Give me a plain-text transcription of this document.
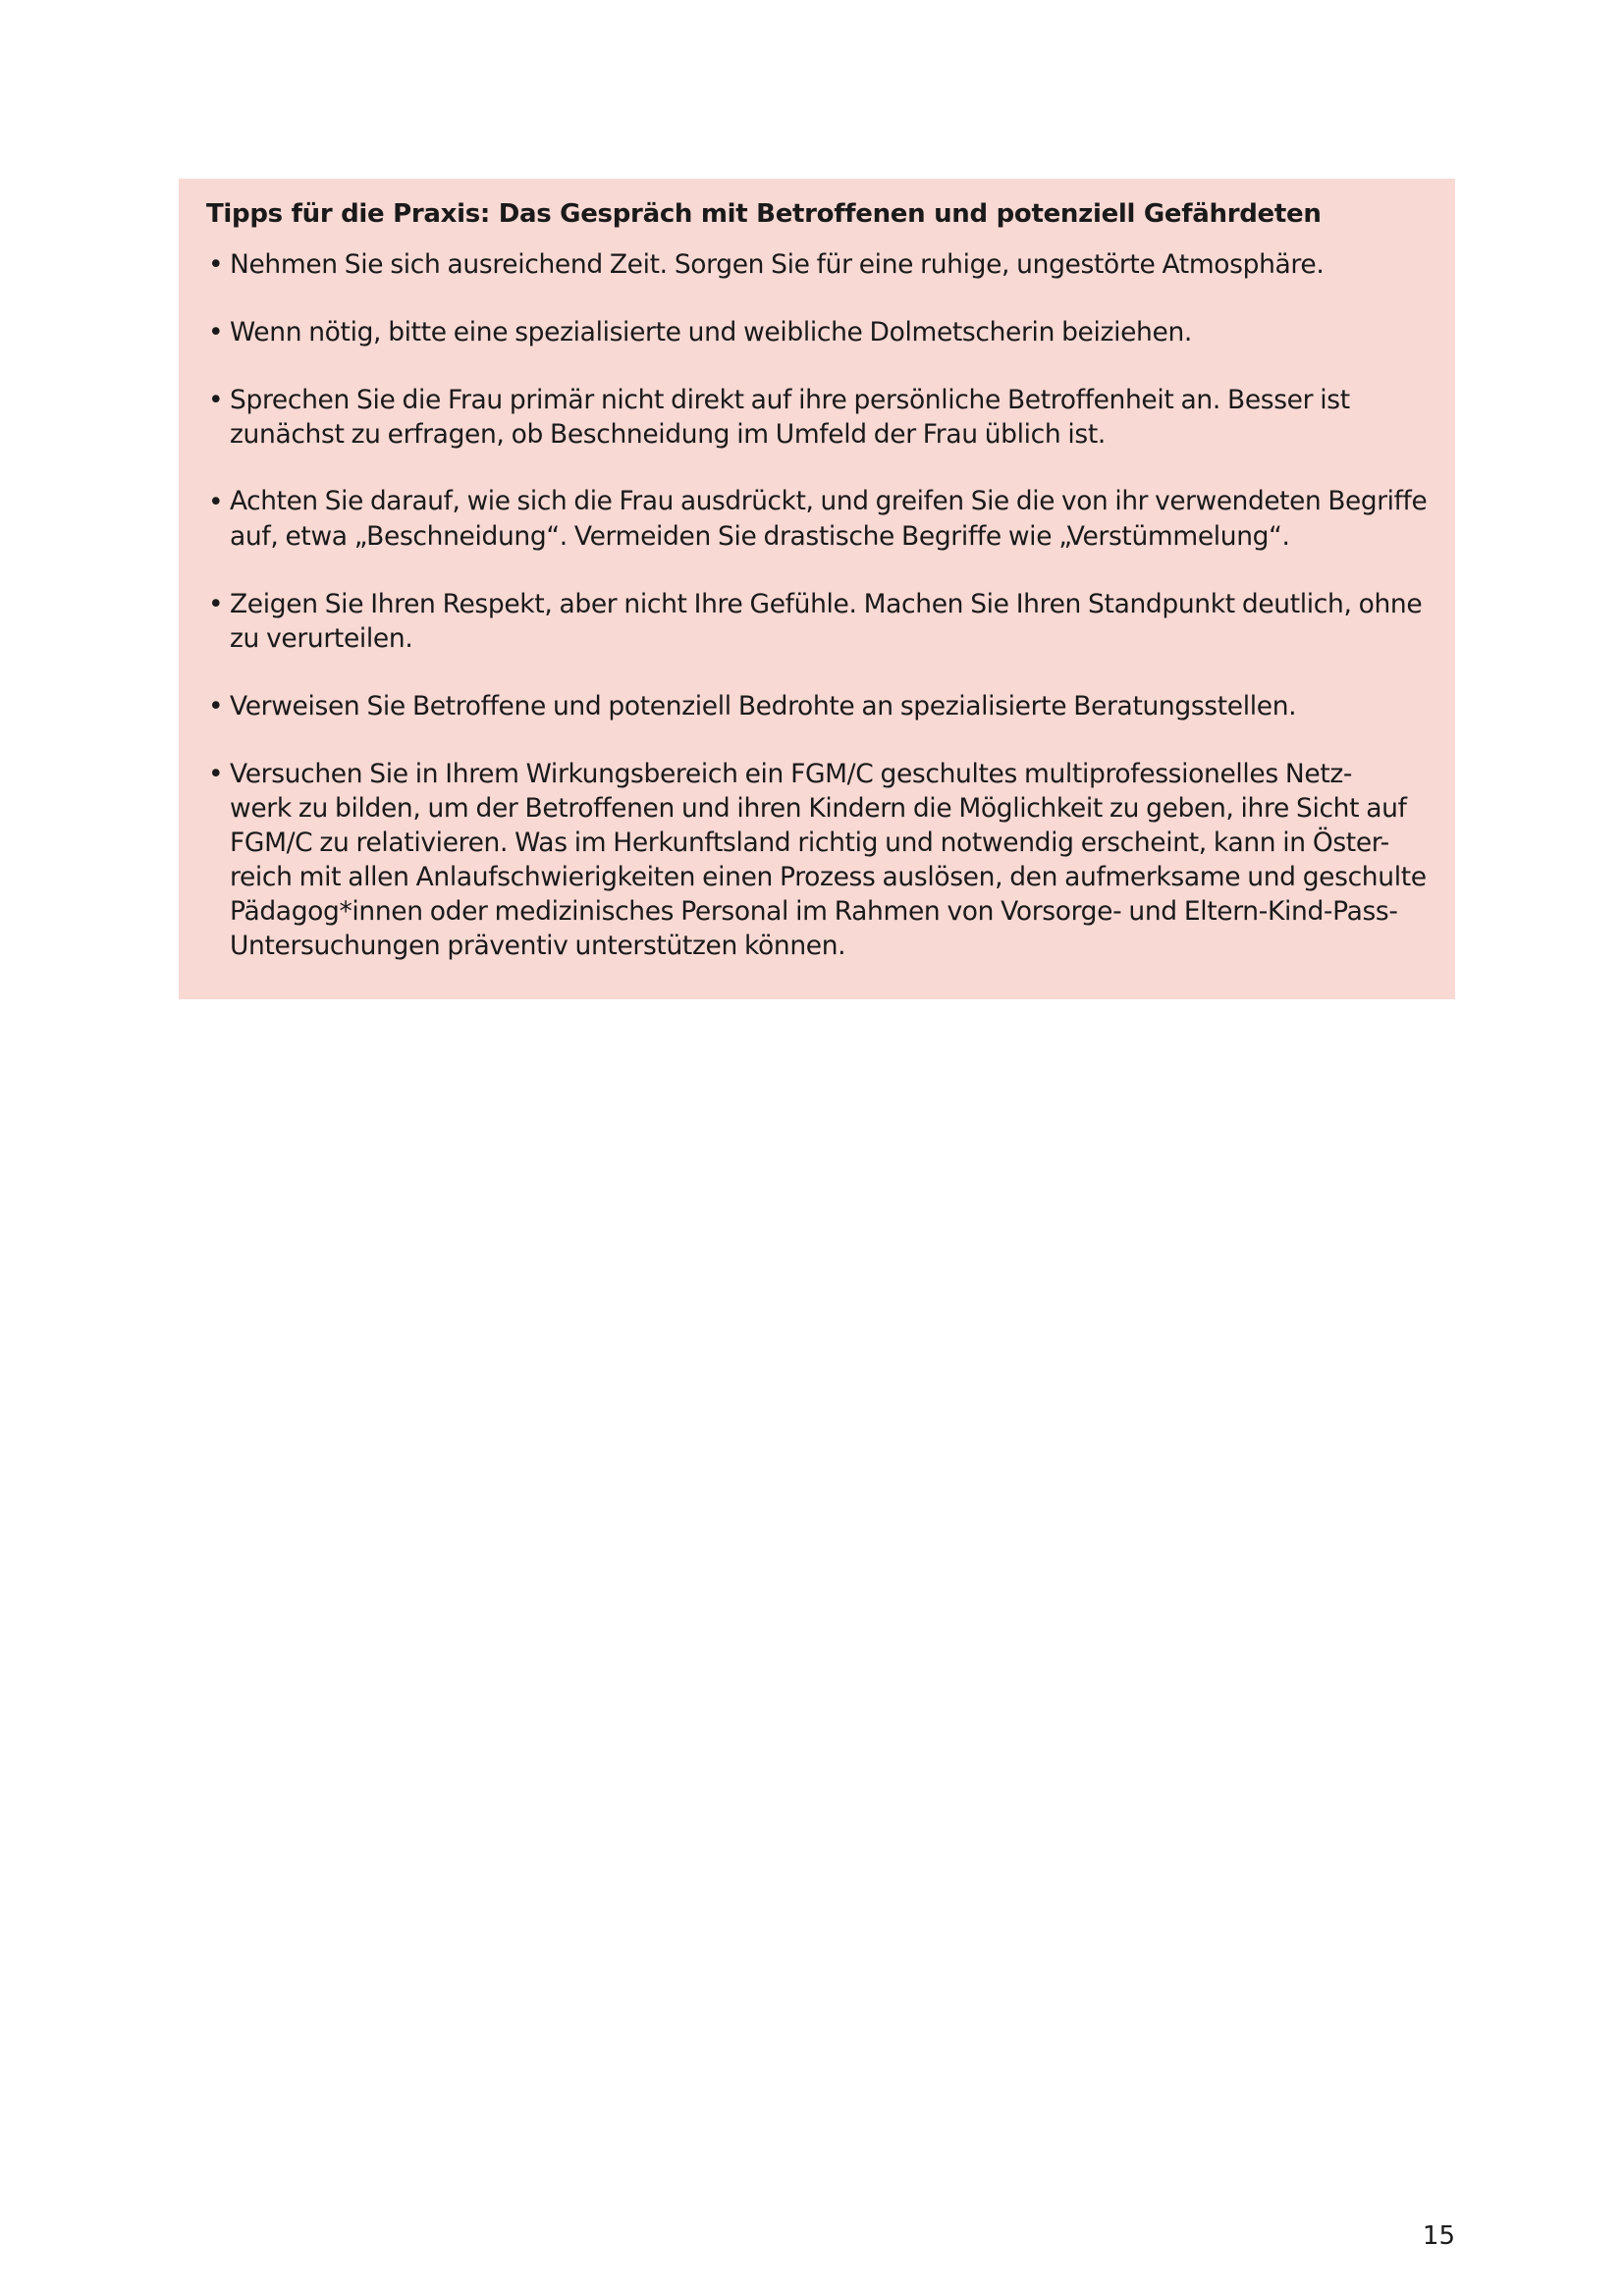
Tipps für die Praxis: Das Gespräch mit Betroffenen und potenziell Gefährdeten
• Nehmen Sie sich ausreichend Zeit. Sorgen Sie für eine ruhige, ungestörte Atmosphäre.
• Wenn nötig, bitte eine spezialisierte und weibliche Dolmetscherin beiziehen.
• Sprechen Sie die Frau primär nicht direkt auf ihre persönliche Betroffenheit an. Besser ist
zunächst zu erfragen, ob Beschneidung im Umfeld der Frau üblich ist.
• Achten Sie darauf, wie sich die Frau ausdrückt, und greifen Sie die von ihr verwendeten Begriffe
auf, etwa „Beschneidung“. Vermeiden Sie drastische Begriffe wie „Verstümmelung“.
• Zeigen Sie Ihren Respekt, aber nicht Ihre Gefühle. Machen Sie Ihren Standpunkt deutlich, ohne
zu verurteilen.
• Verweisen Sie Betroffene und potenziell Bedrohte an spezialisierte Beratungsstellen.
• Versuchen Sie in Ihrem Wirkungsbereich ein FGM/C geschultes multiprofessionelles Netz-
werk zu bilden, um der Betroffenen und ihren Kindern die Möglichkeit zu geben, ihre Sicht auf
FGM/C zu relativieren. Was im Herkunftsland richtig und notwendig erscheint, kann in Öster-
reich mit allen Anlaufschwierigkeiten einen Prozess auslösen, den aufmerksame und geschulte
Pädagog*innen oder medizinisches Personal im Rahmen von Vorsorge- und Eltern-Kind-Pass-
Untersuchungen präventiv unterstützen können.
15
